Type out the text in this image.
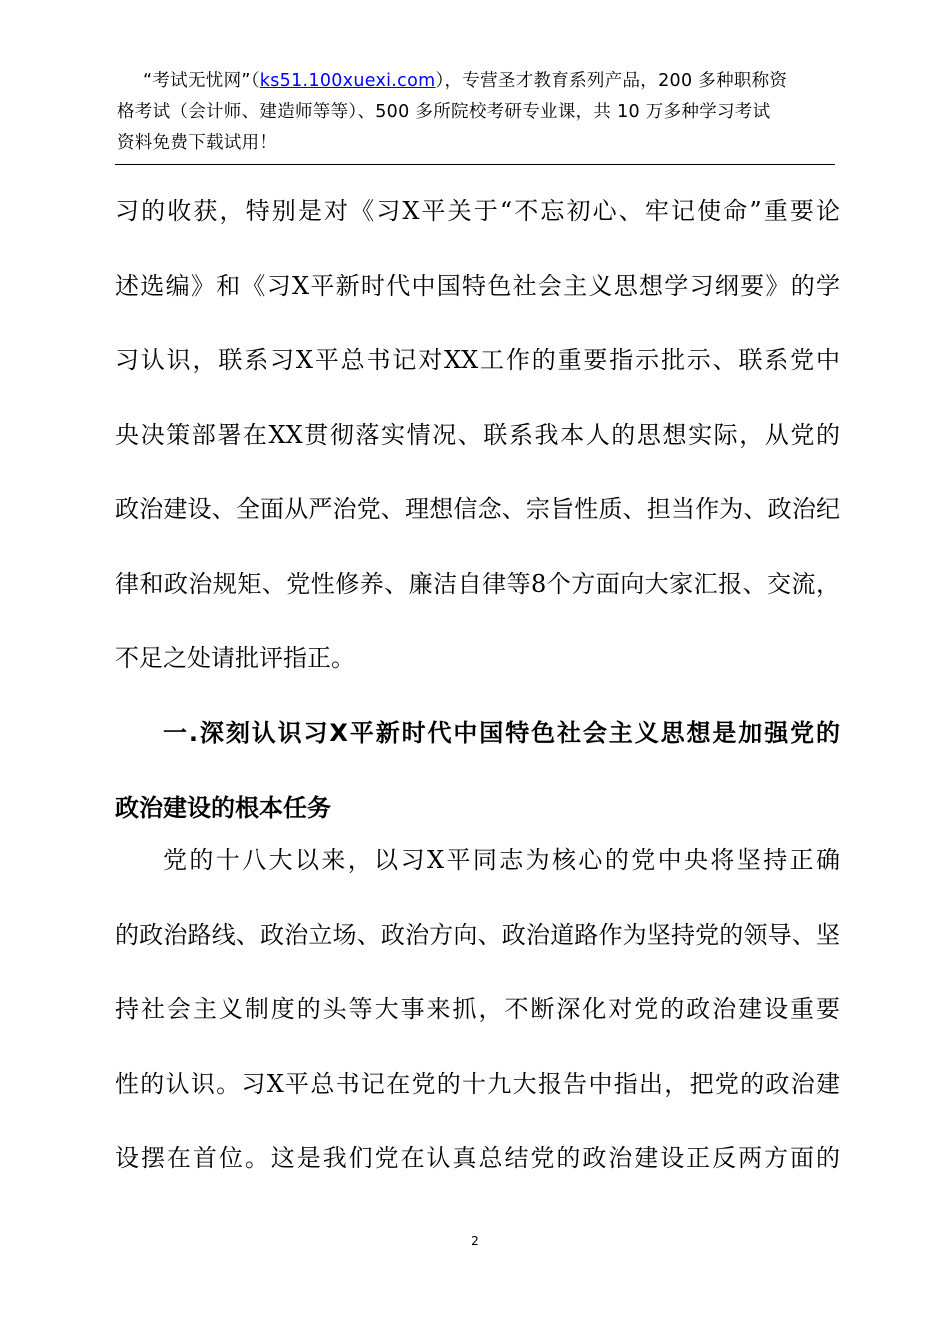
“考试无忧网”（ks51.100xuexi.com），专营圣才教育系列产品，200 多种职称资
格考试（会计师、建造师等等）、500 多所院校考研专业课，共 10 万多种学习考试
资料免费下载试用！
习的收获，特别是对《习X平关于“不忘初心、牢记使命”重要论
述选编》和《习X平新时代中国特色社会主义思想学习纲要》的学
习认识，联系习X平总书记对XX工作的重要指示批示、联系党中
央决策部署在XX贯彻落实情况、联系我本人的思想实际，从党的
政治建设、全面从严治党、理想信念、宗旨性质、担当作为、政治纪
律和政治规矩、党性修养、廉洁自律等8个方面向大家汇报、交流，
不足之处请批评指正。
一.深刻认识习X平新时代中国特色社会主义思想是加强党的
政治建设的根本任务
党的十八大以来，以习X平同志为核心的党中央将坚持正确
的政治路线、政治立场、政治方向、政治道路作为坚持党的领导、坚
持社会主义制度的头等大事来抓，不断深化对党的政治建设重要
性的认识。习X平总书记在党的十九大报告中指出，把党的政治建
设摆在首位。这是我们党在认真总结党的政治建设正反两方面的
2
